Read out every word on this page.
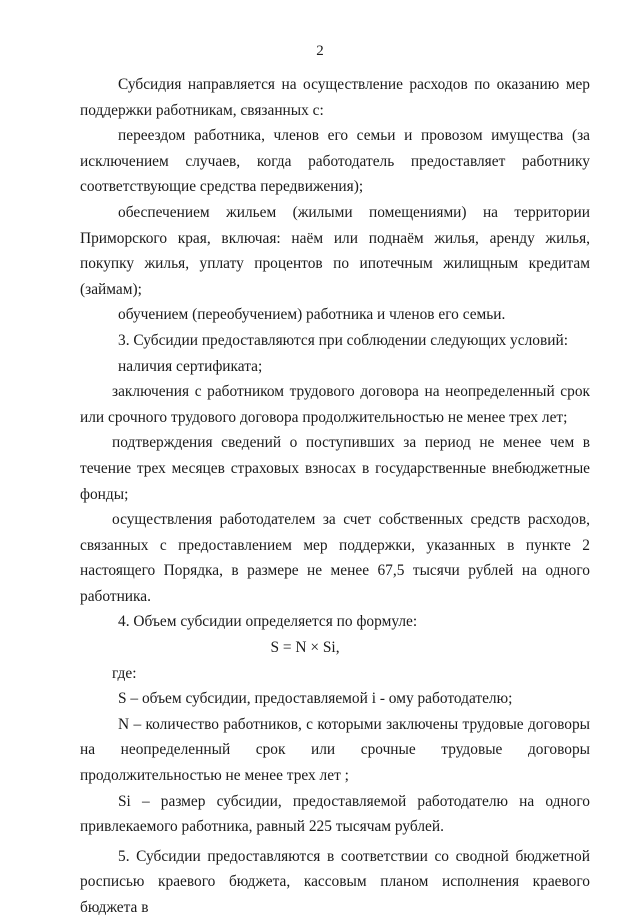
2

Субсидия направляется на осуществление расходов по оказанию мер поддержки работникам, связанных с:

переездом работника, членов его семьи и провозом имущества (за исключением случаев, когда работодатель предоставляет работнику соответствующие средства передвижения);

обеспечением жильем (жилыми помещениями) на территории Приморского края, включая: наём или поднаём жилья, аренду жилья, покупку жилья, уплату процентов по ипотечным жилищным кредитам (займам);

обучением (переобучением) работника и членов его семьи.

3. Субсидии предоставляются при соблюдении следующих условий:

наличия сертификата;

заключения с работником трудового договора на неопределенный срок или срочного трудового договора продолжительностью не менее трех лет;

подтверждения сведений о поступивших за период не менее чем в течение трех месяцев страховых взносах в государственные внебюджетные фонды;

осуществления работодателем за счет собственных средств расходов, связанных с предоставлением мер поддержки, указанных в пункте 2 настоящего Порядка, в размере не менее 67,5 тысячи рублей на одного работника.

4. Объем субсидии определяется по формуле:

S = N × Si,

где:

S – объем субсидии, предоставляемой i - ому работодателю;

N – количество работников, с которыми заключены трудовые договоры на неопределенный срок или срочные трудовые договоры продолжительностью не менее трех лет ;

Si – размер субсидии, предоставляемой работодателю на одного привлекаемого работника, равный 225 тысячам рублей.

5. Субсидии предоставляются в соответствии со сводной бюджетной росписью краевого бюджета, кассовым планом исполнения краевого бюджета в
